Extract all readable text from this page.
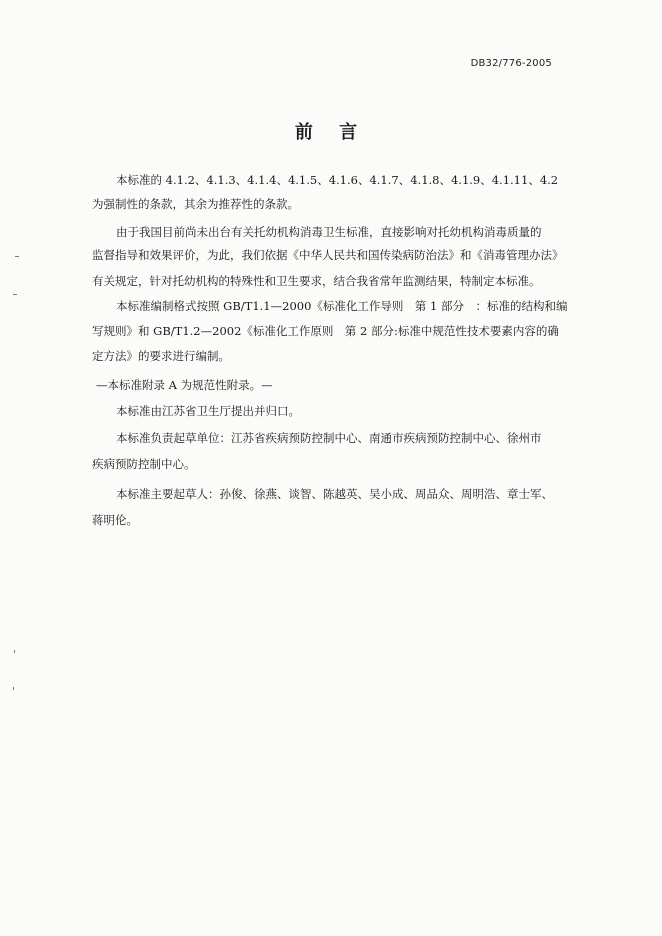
DB32/776-2005
前 言
本标准的 4.1.2、4.1.3、4.1.4、4.1.5、4.1.6、4.1.7、4.1.8、4.1.9、4.1.11、4.2
为强制性的条款，其余为推荐性的条款。
由于我国目前尚未出台有关托幼机构消毒卫生标准，直接影响对托幼机构消毒质量的
监督指导和效果评价，为此，我们依据《中华人民共和国传染病防治法》和《消毒管理办法》
有关规定，针对托幼机构的特殊性和卫生要求，结合我省常年监测结果，特制定本标准。
本标准编制格式按照 GB/T1.1—2000《标准化工作导则　第 1 部分　：标准的结构和编
写规则》和 GB/T1.2—2002《标准化工作原则　第 2 部分:标准中规范性技术要素内容的确
定方法》的要求进行编制。
—本标准附录 A 为规范性附录。—
本标准由江苏省卫生厅提出并归口。
本标准负责起草单位：江苏省疾病预防控制中心、南通市疾病预防控制中心、徐州市
疾病预防控制中心。
本标准主要起草人：孙俊、徐燕、谈智、陈越英、吴小成、周品众、周明浩、章士军、
蒋明伦。
